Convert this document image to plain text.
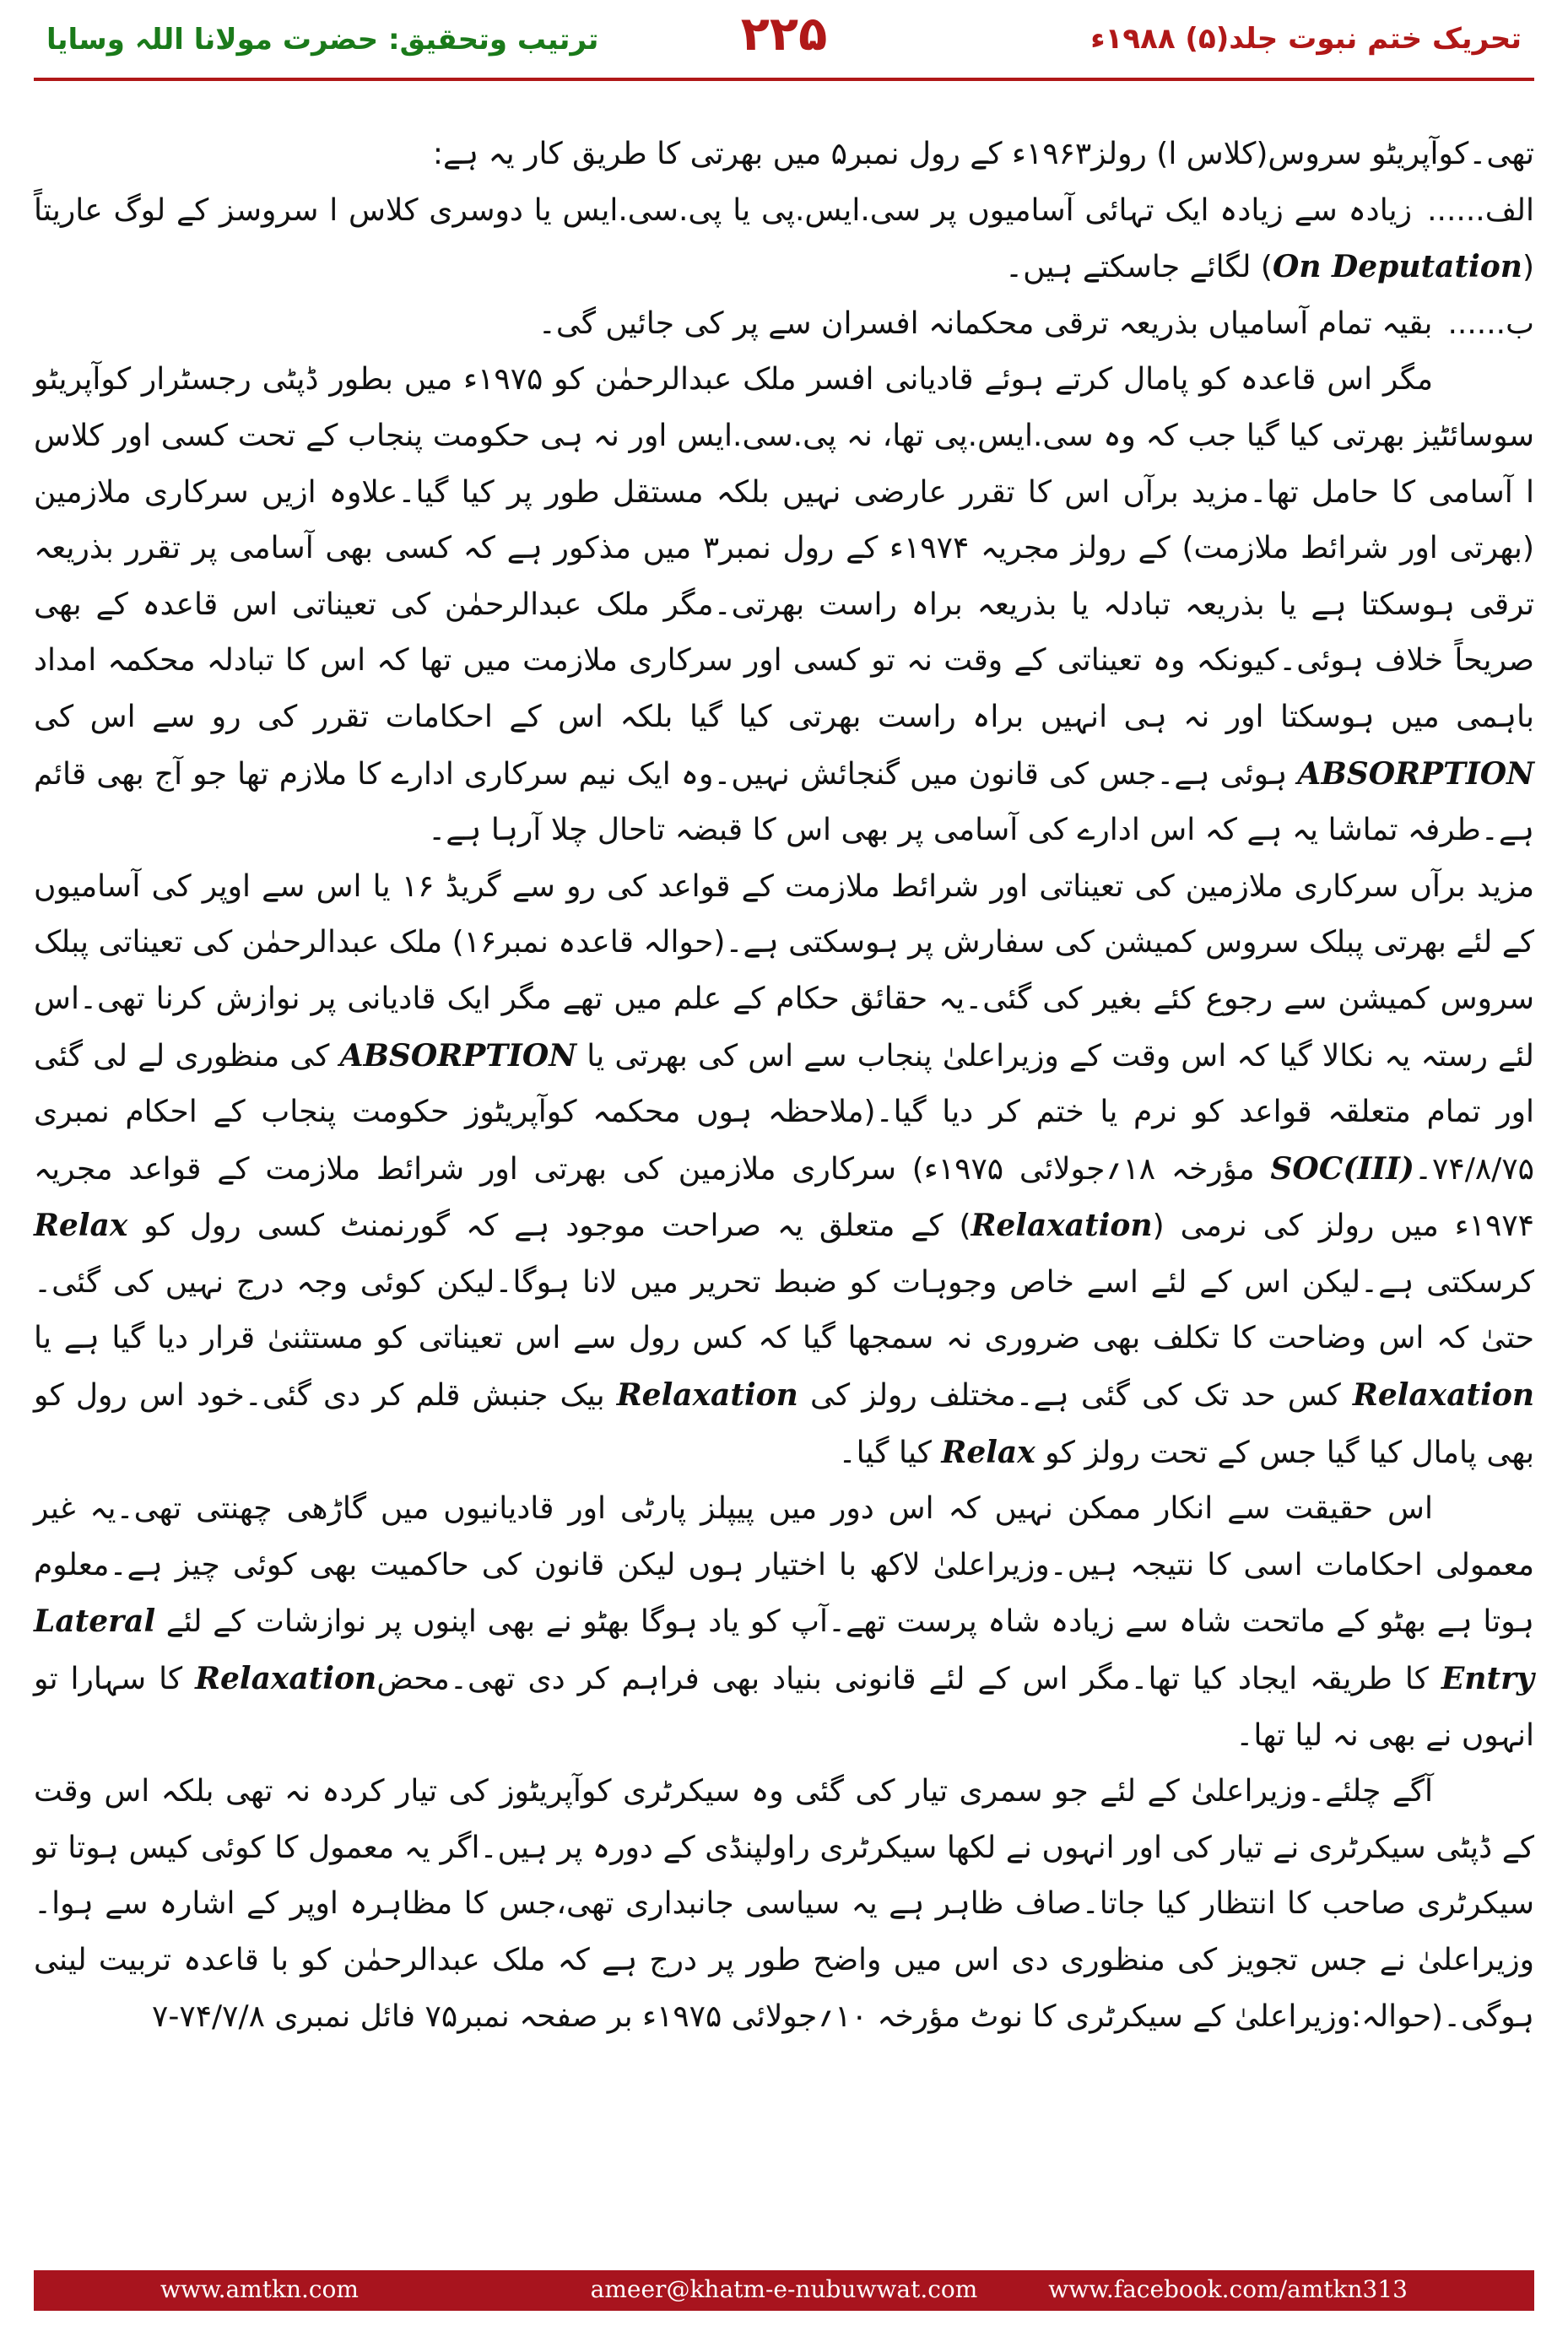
ترتیب وتحقیق: حضرت مولانا اللہ وسایا	۲۲۵	تحریک ختم نبوت جلد(۵) ۱۹۸۸ء

تھی۔کوآپریٹو سروس(کلاس ا) رولز۱۹۶۳ء کے رول نمبر۵ میں بھرتی کا طریق کار یہ ہے:

الف......زیادہ سے زیادہ ایک تہائی آسامیوں پر سی.ایس.پی یا پی.سی.ایس یا دوسری کلاس ا سروسز کے لوگ عاریتاً (On Deputation) لگائے جاسکتے ہیں۔

ب......بقیہ تمام آسامیاں بذریعہ ترقی محکمانہ افسران سے پر کی جائیں گی۔

مگر اس قاعدہ کو پامال کرتے ہوئے قادیانی افسر ملک عبدالرحمٰن کو ۱۹۷۵ء میں بطور ڈپٹی رجسٹرار کوآپریٹو سوسائٹیز بھرتی کیا گیا جب کہ وہ سی.ایس.پی تھا، نہ پی.سی.ایس اور نہ ہی حکومت پنجاب کے تحت کسی اور کلاس ا آسامی کا حامل تھا۔مزید برآں اس کا تقرر عارضی نہیں بلکہ مستقل طور پر کیا گیا۔علاوہ ازیں سرکاری ملازمین (بھرتی اور شرائط ملازمت) کے رولز مجریہ ۱۹۷۴ء کے رول نمبر۳ میں مذکور ہے کہ کسی بھی آسامی پر تقرر بذریعہ ترقی ہوسکتا ہے یا بذریعہ تبادلہ یا بذریعہ براہ راست بھرتی۔مگر ملک عبدالرحمٰن کی تعیناتی اس قاعدہ کے بھی صریحاً خلاف ہوئی۔کیونکہ وہ تعیناتی کے وقت نہ تو کسی اور سرکاری ملازمت میں تھا کہ اس کا تبادلہ محکمہ امداد باہمی میں ہوسکتا اور نہ ہی انہیں براہ راست بھرتی کیا گیا بلکہ اس کے احکامات تقرر کی رو سے اس کی ABSORPTION ہوئی ہے۔جس کی قانون میں گنجائش نہیں۔وہ ایک نیم سرکاری ادارے کا ملازم تھا جو آج بھی قائم ہے۔طرفہ تماشا یہ ہے کہ اس ادارے کی آسامی پر بھی اس کا قبضہ تاحال چلا آرہا ہے۔

مزید برآں سرکاری ملازمین کی تعیناتی اور شرائط ملازمت کے قواعد کی رو سے گریڈ ۱۶ یا اس سے اوپر کی آسامیوں کے لئے بھرتی پبلک سروس کمیشن کی سفارش پر ہوسکتی ہے۔(حوالہ قاعدہ نمبر۱۶) ملک عبدالرحمٰن کی تعیناتی پبلک سروس کمیشن سے رجوع کئے بغیر کی گئی۔یہ حقائق حکام کے علم میں تھے مگر ایک قادیانی پر نوازش کرنا تھی۔اس لئے رستہ یہ نکالا گیا کہ اس وقت کے وزیراعلیٰ پنجاب سے اس کی بھرتی یا ABSORPTION کی منظوری لے لی گئی اور تمام متعلقہ قواعد کو نرم یا ختم کر دیا گیا۔(ملاحظہ ہوں محکمہ کوآپریٹوز حکومت پنجاب کے احکام نمبری ۷۴/۸/۷۵۔SOC(III) مؤرخہ ۱۸؍جولائی ۱۹۷۵ء) سرکاری ملازمین کی بھرتی اور شرائط ملازمت کے قواعد مجریہ ۱۹۷۴ء میں رولز کی نرمی (Relaxation) کے متعلق یہ صراحت موجود ہے کہ گورنمنٹ کسی رول کو Relax کرسکتی ہے۔لیکن اس کے لئے اسے خاص وجوہات کو ضبط تحریر میں لانا ہوگا۔لیکن کوئی وجہ درج نہیں کی گئی۔حتیٰ کہ اس وضاحت کا تکلف بھی ضروری نہ سمجھا گیا کہ کس رول سے اس تعیناتی کو مستثنیٰ قرار دیا گیا ہے یا Relaxation کس حد تک کی گئی ہے۔مختلف رولز کی Relaxation بیک جنبش قلم کر دی گئی۔خود اس رول کو بھی پامال کیا گیا جس کے تحت رولز کو Relax کیا گیا۔

اس حقیقت سے انکار ممکن نہیں کہ اس دور میں پیپلز پارٹی اور قادیانیوں میں گاڑھی چھنتی تھی۔یہ غیر معمولی احکامات اسی کا نتیجہ ہیں۔وزیراعلیٰ لاکھ با اختیار ہوں لیکن قانون کی حاکمیت بھی کوئی چیز ہے۔معلوم ہوتا ہے بھٹو کے ماتحت شاہ سے زیادہ شاہ پرست تھے۔آپ کو یاد ہوگا بھٹو نے بھی اپنوں پر نوازشات کے لئے Lateral Entry کا طریقہ ایجاد کیا تھا۔مگر اس کے لئے قانونی بنیاد بھی فراہم کر دی تھی۔محضRelaxation کا سہارا تو انہوں نے بھی نہ لیا تھا۔

آگے چلئے۔وزیراعلیٰ کے لئے جو سمری تیار کی گئی وہ سیکرٹری کوآپریٹوز کی تیار کردہ نہ تھی بلکہ اس وقت کے ڈپٹی سیکرٹری نے تیار کی اور انہوں نے لکھا سیکرٹری راولپنڈی کے دورہ پر ہیں۔اگر یہ معمول کا کوئی کیس ہوتا تو سیکرٹری صاحب کا انتظار کیا جاتا۔صاف ظاہر ہے یہ سیاسی جانبداری تھی،جس کا مظاہرہ اوپر کے اشارہ سے ہوا۔وزیراعلیٰ نے جس تجویز کی منظوری دی اس میں واضح طور پر درج ہے کہ ملک عبدالرحمٰن کو با قاعدہ تربیت لینی ہوگی۔(حوالہ:وزیراعلیٰ کے سیکرٹری کا نوٹ مؤرخہ ۱۰؍جولائی ۱۹۷۵ء بر صفحہ نمبر۷۵ فائل نمبری ۷۴/۷/۸-۷

www.amtkn.com	ameer@khatm-e-nubuwwat.com	www.facebook.com/amtkn313
